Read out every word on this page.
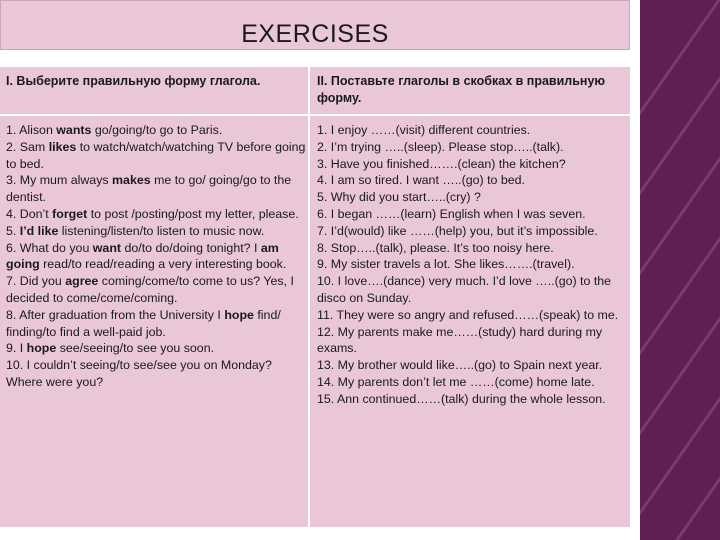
EXERCISES
I. Выберите правильную форму глагола.
1. Alison wants go/going/to go to Paris.
2. Sam likes to watch/watch/watching TV before going to bed.
3. My mum always makes me to go/ going/go to the dentist.
4. Don’t forget to post /posting/post my letter, please.
5. I’d like listening/listen/to listen to music now.
6. What do you want do/to do/doing tonight? I am going read/to read/reading a very interesting book.
7. Did you agree coming/come/to come to us? Yes, I decided to come/come/coming.
8. After graduation from the University I hope find/ finding/to find a well-paid job.
9. I hope see/seeing/to see you soon.
10. I couldn’t seeing/to see/see you on Monday? Where were you?
II. Поставьте глаголы в скобках в правильную форму.
1. I enjoy ……(visit) different countries.
2. I’m trying …..(sleep). Please stop…..(talk).
3. Have you finished…….(clean) the kitchen?
4. I am so tired. I want …..(go) to bed.
5. Why did you start…..(cry) ?
6. I began ……(learn) English when I was seven.
7. I’d(would) like ……(help) you, but it’s impossible.
8. Stop…..(talk), please. It’s too noisy here.
9. My sister travels a lot. She likes…….(travel).
10. I love….(dance) very much. I’d love …..(go) to the disco on Sunday.
11. They were so angry and refused……(speak) to me.
12. My parents make me……(study) hard during my exams.
13. My brother would like…..(go) to Spain next year.
14. My parents don’t let me ……(come) home late.
15. Ann continued……(talk) during the whole lesson.
